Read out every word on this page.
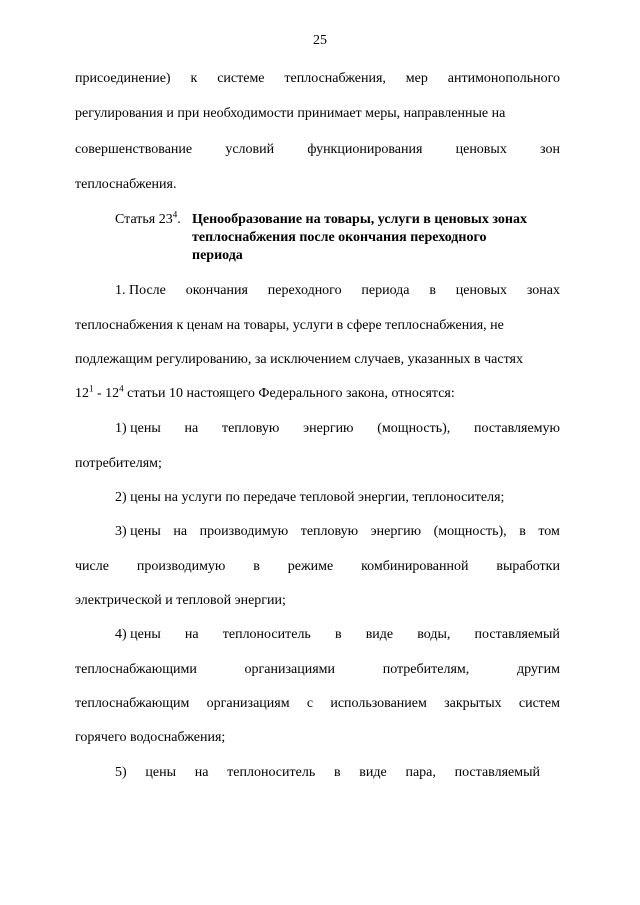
25
присоединение) к системе теплоснабжения, мер антимонопольного
регулирования и при необходимости принимает меры, направленные на
совершенствование условий функционирования ценовых зон
теплоснабжения.
Статья $23^4$. Ценообразование на товары, услуги в ценовых зонах
теплоснабжения после окончания переходного
периода
1. После окончания переходного периода в ценовых зонах
теплоснабжения к ценам на товары, услуги в сфере теплоснабжения, не
подлежащим регулированию, за исключением случаев, указанных в частях
$12^1 - 12^4$ статьи 10 настоящего Федерального закона, относятся:
1) цены на тепловую энергию (мощность), поставляемую
потребителям;
2) цены на услуги по передаче тепловой энергии, теплоносителя;
3) цены на производимую тепловую энергию (мощность), в том
числе производимую в режиме комбинированной выработки
электрической и тепловой энергии;
4) цены на теплоноситель в виде воды, поставляемый
теплоснабжающими	организациями	потребителям,	другим
теплоснабжающим организациям с использованием закрытых систем
горячего водоснабжения;
5) цены на теплоноситель в виде пара, поставляемый
